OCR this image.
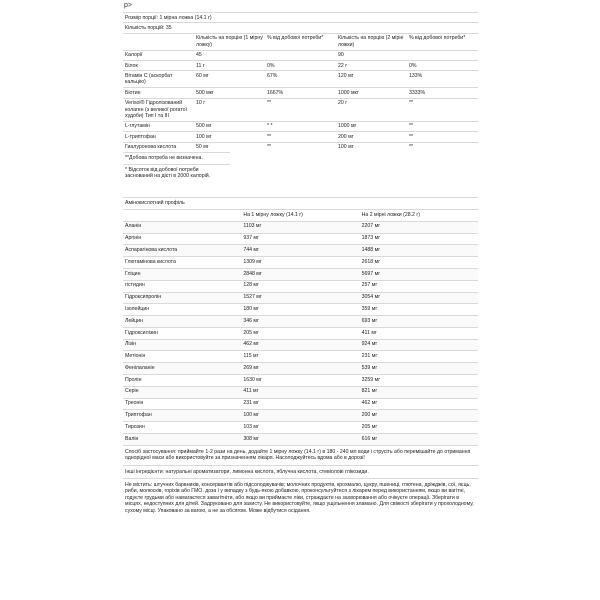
p>
Розмір порції: 1 мірна ложка (14.1 г)				
Кількість порцій: 35				
	Кількість на порцію (1 мірну ложку)	% від добової потреби*	Кількість на порцію (2 мірні ложки)	% від добової потреби*
Калорії	45		90	
Білок	11 г	0%	22 г	0%
Вітамін С (аскорбат кальцію)	60 мг	67%	120 мг	133%
Біотин	500 мкг	1667%	1000 мкг	3333%
Verisol® Гідролізований колаген (з великої рогатої худоби) Тип I та III	10 г	**	20 г	**
L-глутамін	500 мг	* *	1000 мг	**
L-триптофан	100 мг	**	200 мг	**
Гиалуронова кислота	50 мг	**	100 мг	**
**Добова потреба не визначена.
* Відсоток від добової потреби заснований на дієті в 2000 калорій.
Амінокислотний профіль		
	На 1 мірну ложку (14.1 г)	На 2 мірні ложки (28.2 г)
Аланін	1103 мг	2207 мг
Аргінін	937 мг	1873 мг
Аспарагінова кислота	744 мг	1488 мг
Глютамінова кислота	1309 мг	2618 мг
Гліцин	2848 мг	5697 мг
гістидин	128 мг	257 мг
Гідроксипролін	1527 мг	3054 мг
Ізолейцин	180 мг	359 мг
Лейцин	346 мг	693 мг
Гідроксилізин	205 мг	411 мг
Лізін	462 мг	924 мг
Метіонін	115 мг	231 мг
Фенілаланін	269 мг	539 мг
Пролін	1630 мг	3259 мг
Серін	411 мг	821 мг
Треонін	231 мг	462 мг
Триптофан	100 мг	200 мг
Тирозин	103 мг	205 мг
Валін	308 мг	616 мг

Спосіб застосування: приймайте 1-2 рази на день, додайте 1 мірну ложку (14.1 г) в 180 - 240 мл води і струсіть або перемішайте до отримання однорідної маси або використовуйте за призначенням лікаря. Насолоджуйтесь вдома або в дорозі!

Інші інгредієнти: натуральні ароматизатори, лимонна кислота, яблучна кислота, стевіолові глікозиди.

Не містить: штучних барвників, консервантів або підсолоджувачів; молочних продуктів, крохмалю, цукру, пшениці, глютена, дріжджів, сої, яєць, риби, молюсків, горіхів або ГМО. доза і у випадку з будь-якою добавкою, проконсультуйтеся з лікарем перед використанням, якщо ви вагітні, годуєте грудьми або намагаєтеся завагітніти, або якщо ви приймаєте ліки, страждаєте на захворювання або очікуєте операції. Зберігати в місцях, недоступних для дітей. Задруковано для захисту. Не використовуйте, якщо ущільнення зламано. Для свіжості зберігати у прохолодному, сухому місці. Упаковано за вагою, а не за обсягом. Може відбутися осідання.
